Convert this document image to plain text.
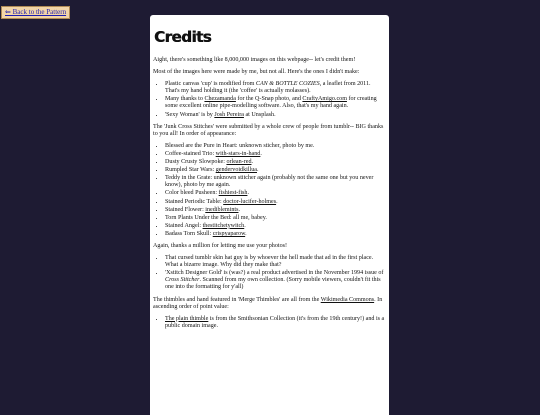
⇐ Back to the Pattern
Credits

Aight, there's something like 8,000,000 images on this webpage-- let's credit them!

Most of the images here were made by me, but not all. Here's the ones I didn't make:

• Plastic canvas 'cup' is modified from CAN & BOTTLE COZIES, a leaflet from 2011. That's my hand holding it (the 'coffee' is actually molasses).
• Many thanks to Chezamanda for the Q-Snap photo, and CraftyAmigo.com for creating some excellent online pipe-modelling software. Also, that's my hand again.
• 'Sexy Woman' is by Josh Pereira at Unsplash.

The 'Junk Cross Stitches' were submitted by a whole crew of people from tumblr-- BIG thanks to you all! In order of appearance:

• Blessed are the Pure in Heart: unknown sticher, photo by me.
• Coffee-stained Trio: with-stars-in-hand.
• Dusty Crusty Slowpoke: orlean-red.
• Rumpled Star Wars: gendervoidkillua.
• Teddy in the Grate: unknown stitcher again (probably not the same one but you never know), photo by me again.
• Color bleed Pusheen: fishiest-fish.
• Stained Periodic Table: doctor-lucifer-holmes.
• Stained Flower: inediblemints.
• Torn Plants Under the Bed: all me, babey.
• Stained Angel: thestitchetywitch.
• Badass Torn Skull: crispyaparow.

Again, thanks a million for letting me use your photos!

• That cursed tumblr skin hat guy is by whoever the hell made that ad in the first place. What a bizarre image. Why did they make that?
• 'Xstitch Designer Gold' is (was?) a real product advertised in the November 1994 issue of Cross Stitcher. Scanned from my own collection. (Sorry mobile viewers, couldn't fit this one into the formatting for y'all)

The thimbles and hand featured in 'Merge Thimbles' are all from the Wikimedia Commons. In ascending order of point value:

• The plain thimble is from the Smithsonian Collection (it's from the 19th century!) and is a public domain image.
